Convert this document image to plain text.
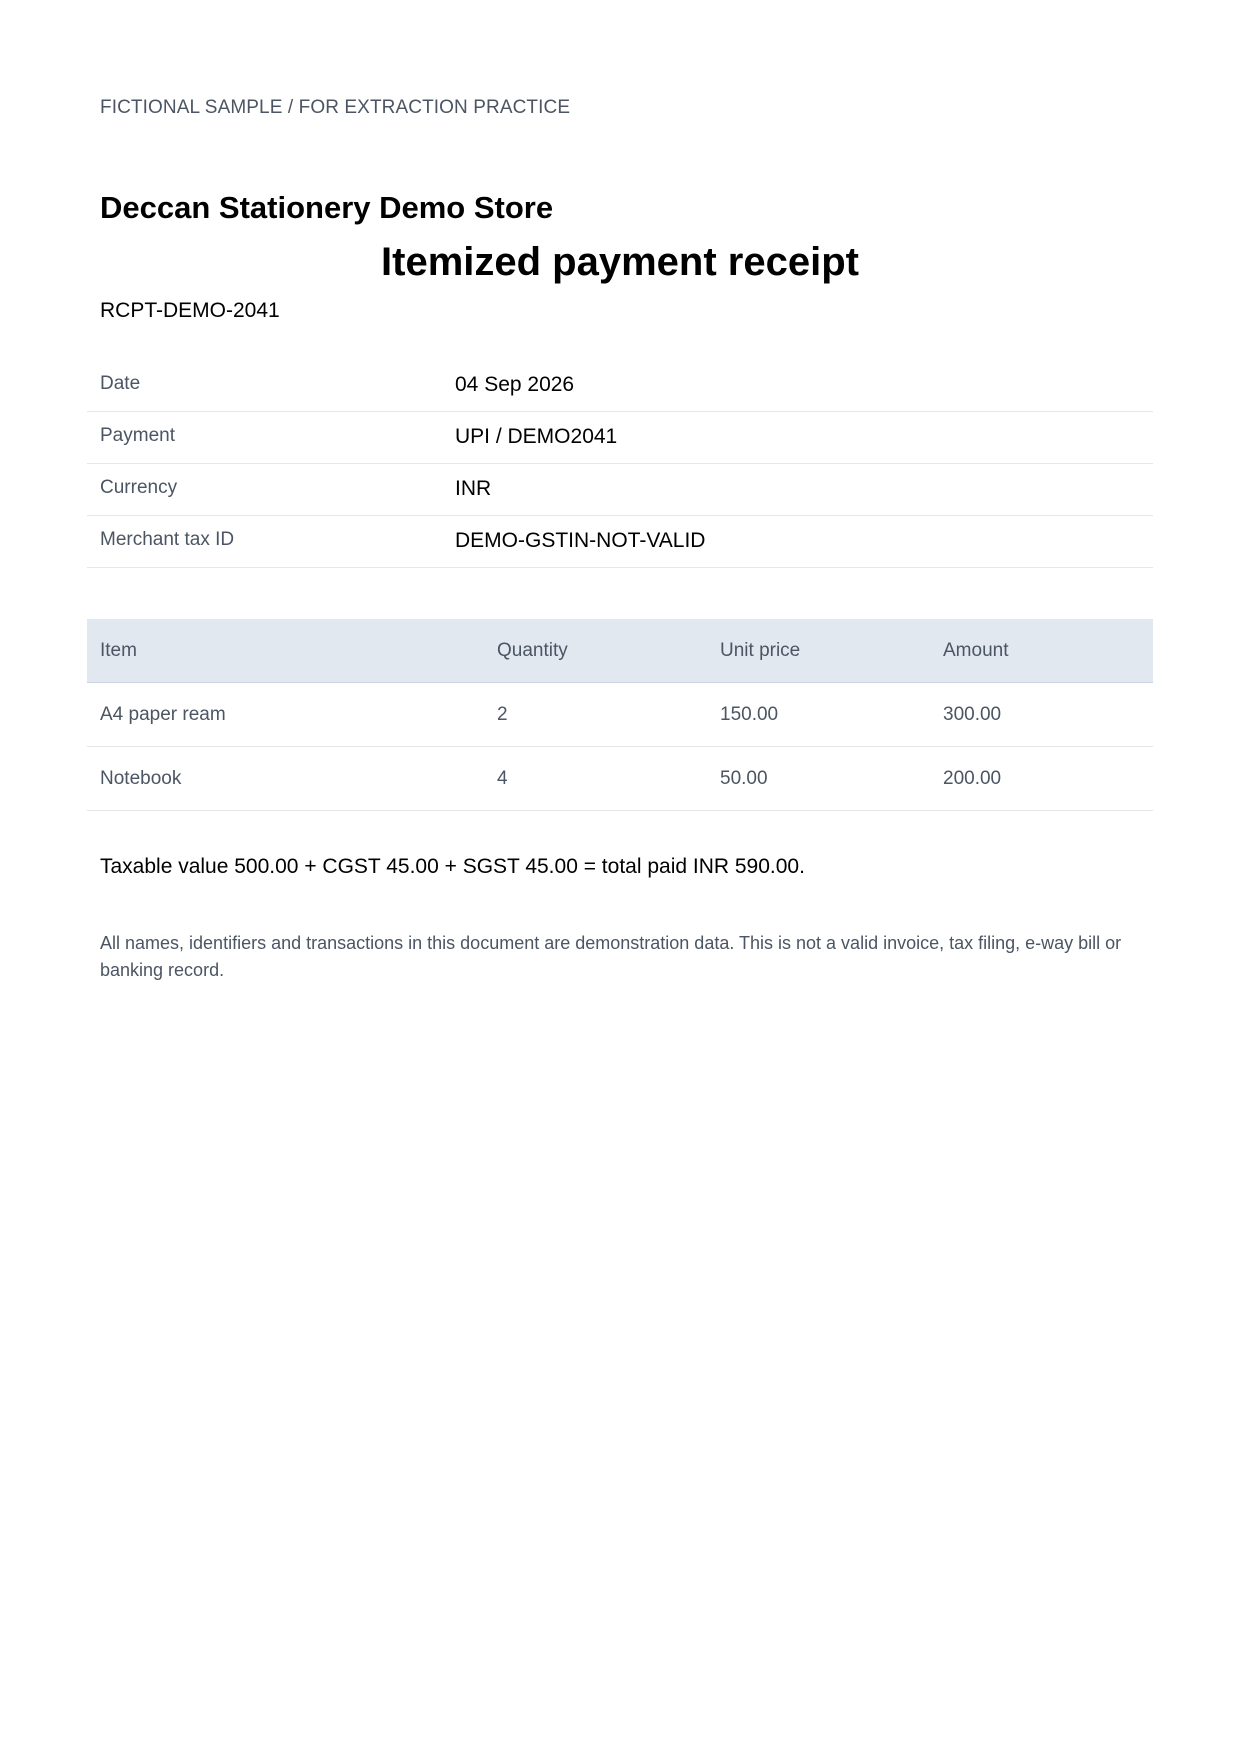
FICTIONAL SAMPLE / FOR EXTRACTION PRACTICE
Deccan Stationery Demo Store
Itemized payment receipt
RCPT-DEMO-2041
Date	04 Sep 2026
Payment	UPI / DEMO2041
Currency	INR
Merchant tax ID	DEMO-GSTIN-NOT-VALID
Item	Quantity	Unit price	Amount
A4 paper ream	2	150.00	300.00
Notebook	4	50.00	200.00
Taxable value 500.00 + CGST 45.00 + SGST 45.00 = total paid INR 590.00.
All names, identifiers and transactions in this document are demonstration data. This is not a valid invoice, tax filing, e-way bill or banking record.
